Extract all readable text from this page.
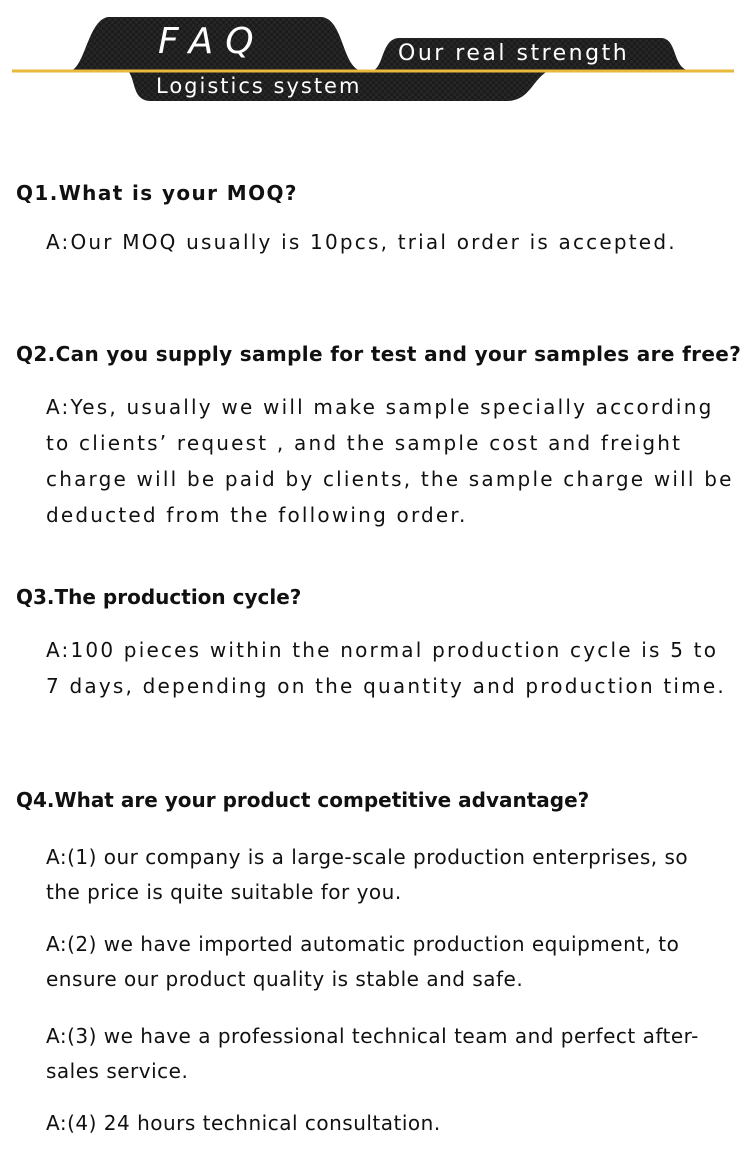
FAQ	Our real strength
Logistics system

Q1.What is your MOQ?

A:Our MOQ usually is 10pcs, trial order is accepted.

Q2.Can you supply sample for test and your samples are free?

A:Yes, usually we will make sample specially according to clients’ request , and the sample cost and freight charge will be paid by clients, the sample charge will be deducted from the following order.

Q3.The production cycle?

A:100 pieces within the normal production cycle is 5 to 7 days, depending on the quantity and production time.

Q4.What are your product competitive advantage?

A:(1) our company is a large-scale production enterprises, so the price is quite suitable for you.

A:(2) we have imported automatic production equipment, to ensure our product quality is stable and safe.

A:(3) we have a professional technical team and perfect after-sales service.

A:(4) 24 hours technical consultation.
